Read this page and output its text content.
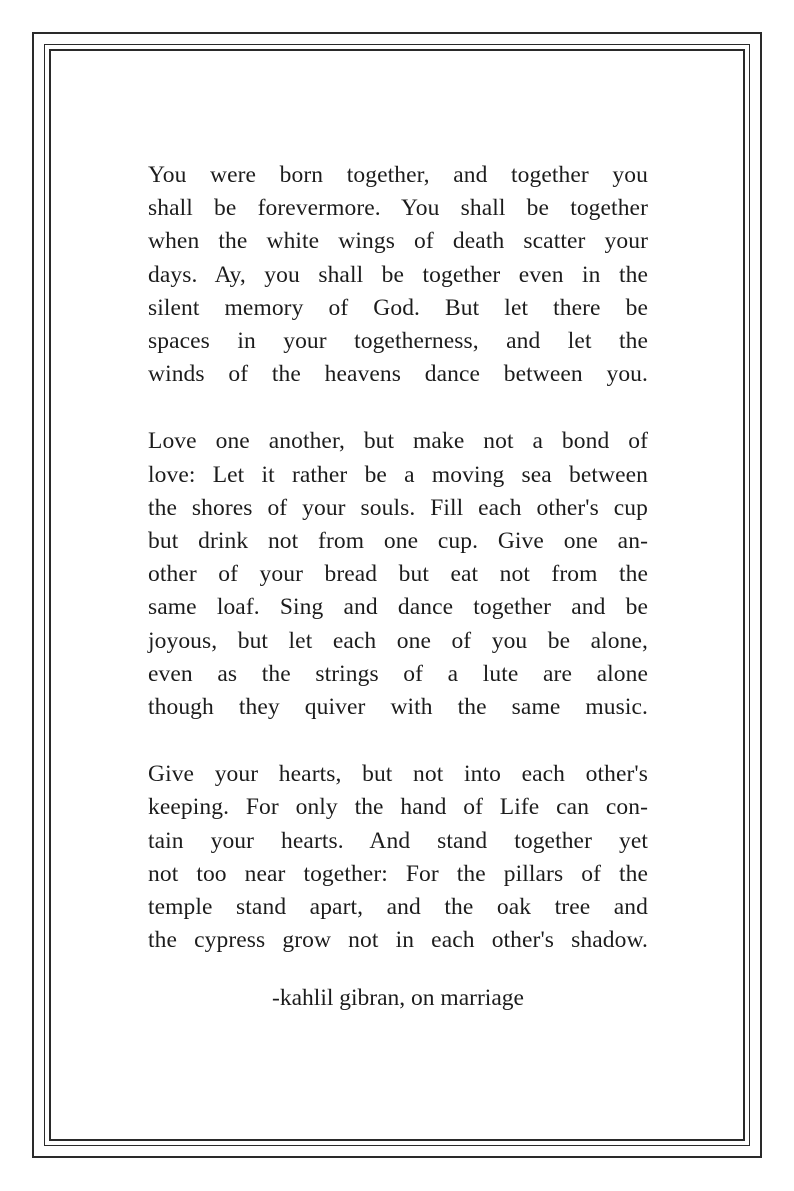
You were born together, and together you
shall be forevermore. You shall be together
when the white wings of death scatter your
days. Ay, you shall be together even in the
silent memory of God. But let there be
spaces in your togetherness, and let the
winds of the heavens dance between you.
Love one another, but make not a bond of
love: Let it rather be a moving sea between
the shores of your souls. Fill each other's cup
but drink not from one cup. Give one an-
other of your bread but eat not from the
same loaf. Sing and dance together and be
joyous, but let each one of you be alone,
even as the strings of a lute are alone
though they quiver with the same music.
Give your hearts, but not into each other's
keeping. For only the hand of Life can con-
tain your hearts. And stand together yet
not too near together: For the pillars of the
temple stand apart, and the oak tree and
the cypress grow not in each other's shadow.
-kahlil gibran, on marriage
